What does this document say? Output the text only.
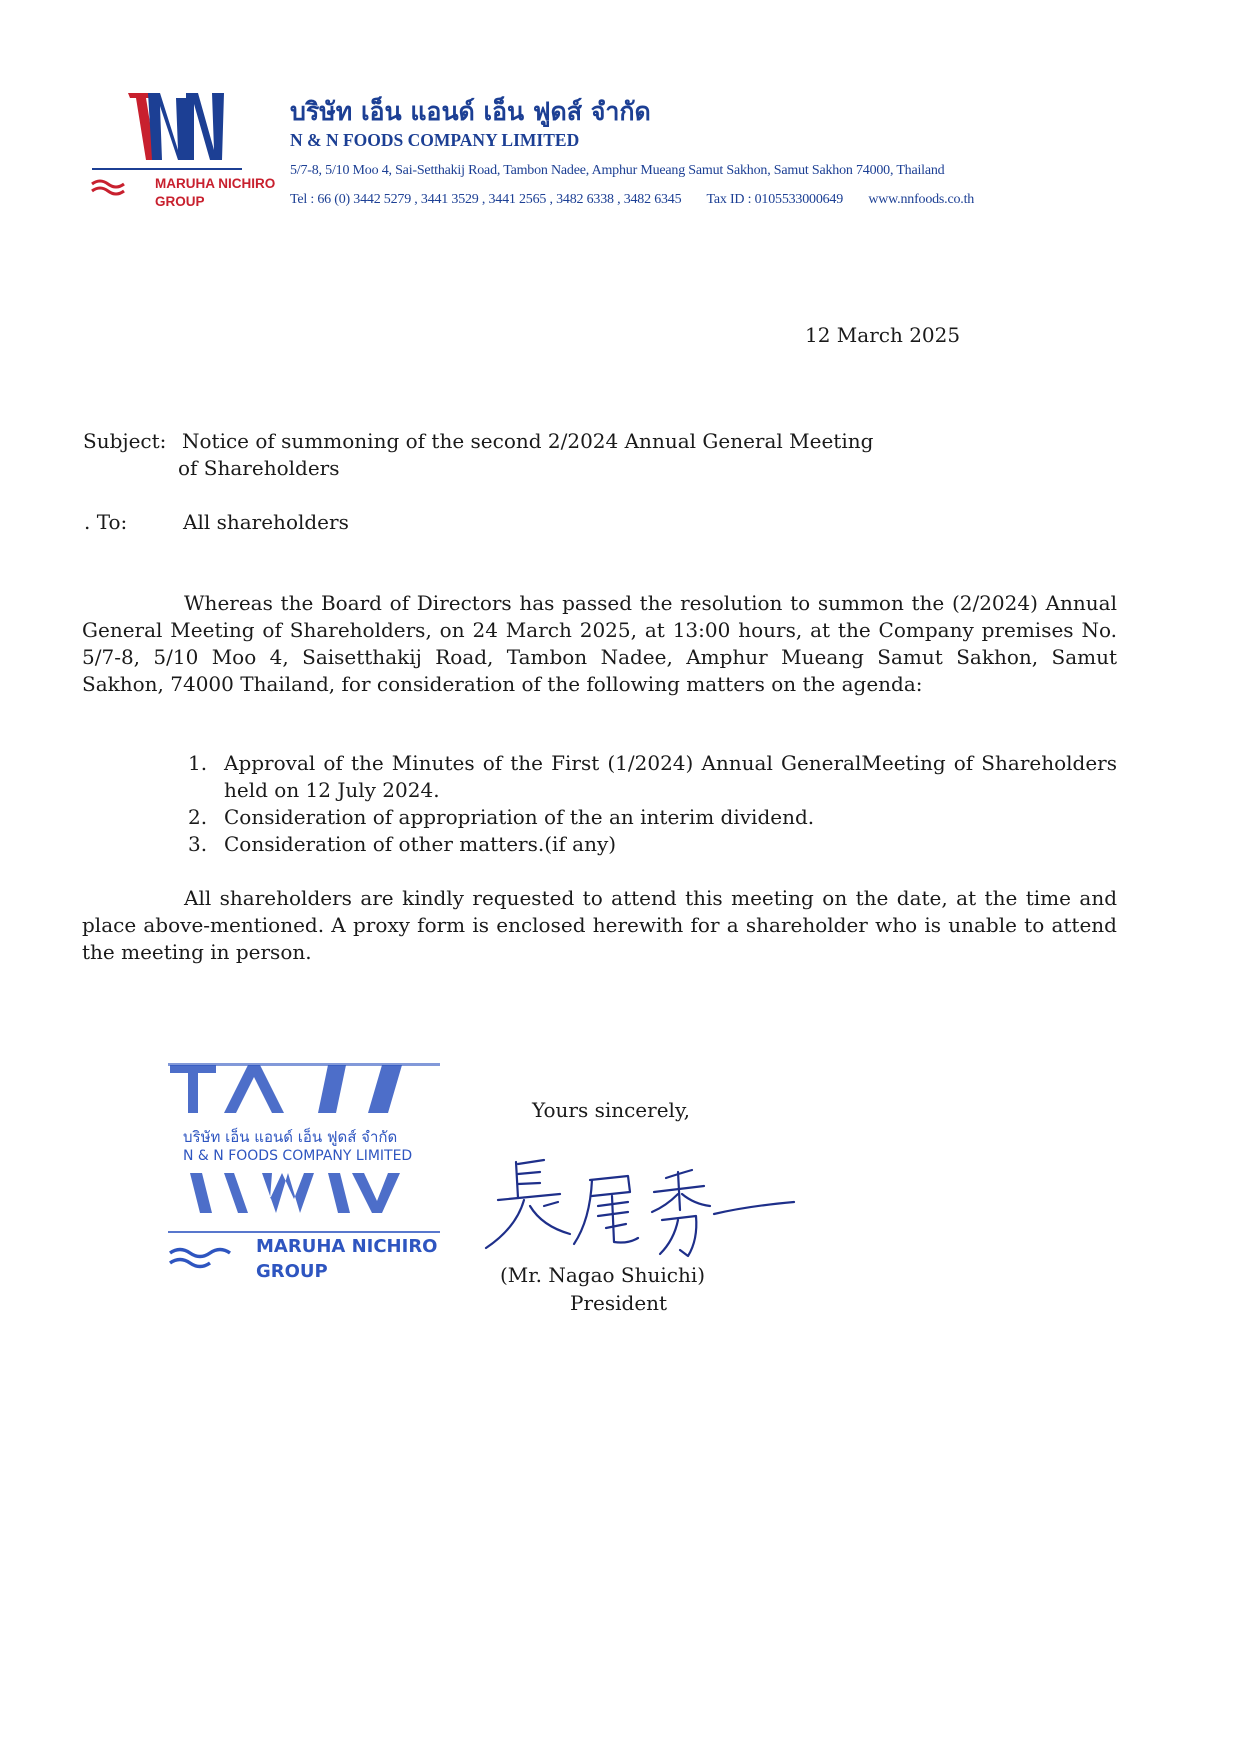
MARUHA NICHIRO
GROUP
บริษัท เอ็น แอนด์ เอ็น ฟูดส์ จำกัด
N & N FOODS COMPANY LIMITED
5/7-8, 5/10 Moo 4, Sai-Setthakij Road, Tambon Nadee, Amphur Mueang Samut Sakhon, Samut Sakhon 74000, Thailand
Tel : 66 (0) 3442 5279 , 3441 3529 , 3441 2565 , 3482 6338 , 3482 6345 Tax ID : 0105533000649 www.nnfoods.co.th
12 March 2025
Subject: Notice of summoning of the second 2/2024 Annual General Meeting
of Shareholders
. To:	All shareholders
Whereas the Board of Directors has passed the resolution to summon the (2/2024) Annual General Meeting of Shareholders, on 24 March 2025, at 13:00 hours, at the Company premises No. 5/7-8, 5/10 Moo 4, Saisetthakij Road, Tambon Nadee, Amphur Mueang Samut Sakhon, Samut Sakhon, 74000 Thailand, for consideration of the following matters on the agenda:
1. Approval of the Minutes of the First (1/2024) Annual GeneralMeeting of Shareholders held on 12 July 2024.
2. Consideration of appropriation of the an interim dividend.
3. Consideration of other matters.(if any)
All shareholders are kindly requested to attend this meeting on the date, at the time and place above-mentioned. A proxy form is enclosed herewith for a shareholder who is unable to attend the meeting in person.
บริษัท เอ็น แอนด์ เอ็น ฟูดส์ จำกัด
N & N FOODS COMPANY LIMITED
MARUHA NICHIRO
GROUP
Yours sincerely,
(Mr. Nagao Shuichi)
President
